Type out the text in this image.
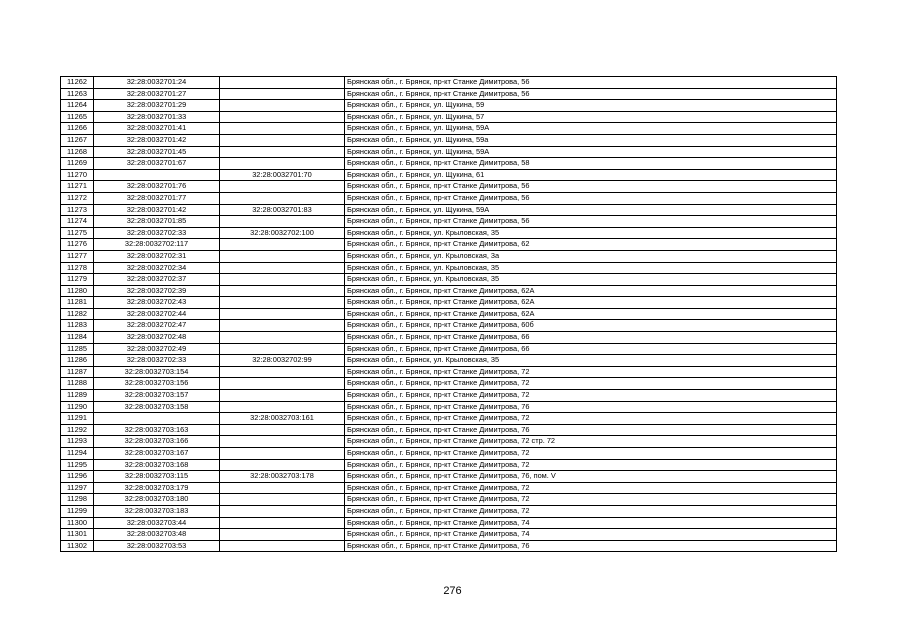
11262	32:28:0032701:24		Брянская обл., г. Брянск, пр-кт Станке Димитрова, 56
11263	32:28:0032701:27		Брянская обл., г. Брянск, пр-кт Станке Димитрова, 56
11264	32:28:0032701:29		Брянская обл., г. Брянск, ул. Щукина, 59
11265	32:28:0032701:33		Брянская обл., г. Брянск, ул. Щукина, 57
11266	32:28:0032701:41		Брянская обл., г. Брянск, ул. Щукина, 59А
11267	32:28:0032701:42		Брянская обл., г. Брянск, ул. Щукина, 59а
11268	32:28:0032701:45		Брянская обл., г. Брянск, ул. Щукина, 59А
11269	32:28:0032701:67		Брянская обл., г. Брянск, пр-кт Станке Димитрова, 58
11270		32:28:0032701:70	Брянская обл., г. Брянск, ул. Щукина, 61
11271	32:28:0032701:76		Брянская обл., г. Брянск, пр-кт Станке Димитрова, 56
11272	32:28:0032701:77		Брянская обл., г. Брянск, пр-кт Станке Димитрова, 56
11273	32:28:0032701:42	32:28:0032701:83	Брянская обл., г. Брянск, ул. Щукина, 59А
11274	32:28:0032701:85		Брянская обл., г. Брянск, пр-кт Станке Димитрова, 56
11275	32:28:0032702:33	32:28:0032702:100	Брянская обл., г. Брянск, ул. Крыловская, 35
11276	32:28:0032702:117		Брянская обл., г. Брянск, пр-кт Станке Димитрова, 62
11277	32:28:0032702:31		Брянская обл., г. Брянск, ул. Крыловская, 3а
11278	32:28:0032702:34		Брянская обл., г. Брянск, ул. Крыловская, 35
11279	32:28:0032702:37		Брянская обл., г. Брянск, ул. Крыловская, 35
11280	32:28:0032702:39		Брянская обл., г. Брянск, пр-кт Станке Димитрова, 62А
11281	32:28:0032702:43		Брянская обл., г. Брянск, пр-кт Станке Димитрова, 62А
11282	32:28:0032702:44		Брянская обл., г. Брянск, пр-кт Станке Димитрова, 62А
11283	32:28:0032702:47		Брянская обл., г. Брянск, пр-кт Станке Димитрова, 60б
11284	32:28:0032702:48		Брянская обл., г. Брянск, пр-кт Станке Димитрова, 66
11285	32:28:0032702:49		Брянская обл., г. Брянск, пр-кт Станке Димитрова, 66
11286	32:28:0032702:33	32:28:0032702:99	Брянская обл., г. Брянск, ул. Крыловская, 35
11287	32:28:0032703:154		Брянская обл., г. Брянск, пр-кт Станке Димитрова, 72
11288	32:28:0032703:156		Брянская обл., г. Брянск, пр-кт Станке Димитрова, 72
11289	32:28:0032703:157		Брянская обл., г. Брянск, пр-кт Станке Димитрова, 72
11290	32:28:0032703:158		Брянская обл., г. Брянск, пр-кт Станке Димитрова, 76
11291		32:28:0032703:161	Брянская обл., г. Брянск, пр-кт Станке Димитрова, 72
11292	32:28:0032703:163		Брянская обл., г. Брянск, пр-кт Станке Димитрова, 76
11293	32:28:0032703:166		Брянская обл., г. Брянск, пр-кт Станке Димитрова, 72 стр. 72
11294	32:28:0032703:167		Брянская обл., г. Брянск, пр-кт Станке Димитрова, 72
11295	32:28:0032703:168		Брянская обл., г. Брянск, пр-кт Станке Димитрова, 72
11296	32:28:0032703:115	32:28:0032703:178	Брянская обл., г. Брянск, пр-кт Станке Димитрова, 76, пом. V
11297	32:28:0032703:179		Брянская обл., г. Брянск, пр-кт Станке Димитрова, 72
11298	32:28:0032703:180		Брянская обл., г. Брянск, пр-кт Станке Димитрова, 72
11299	32:28:0032703:183		Брянская обл., г. Брянск, пр-кт Станке Димитрова, 72
11300	32:28:0032703:44		Брянская обл., г. Брянск, пр-кт Станке Димитрова, 74
11301	32:28:0032703:48		Брянская обл., г. Брянск, пр-кт Станке Димитрова, 74
11302	32:28:0032703:53		Брянская обл., г. Брянск, пр-кт Станке Димитрова, 76
276
